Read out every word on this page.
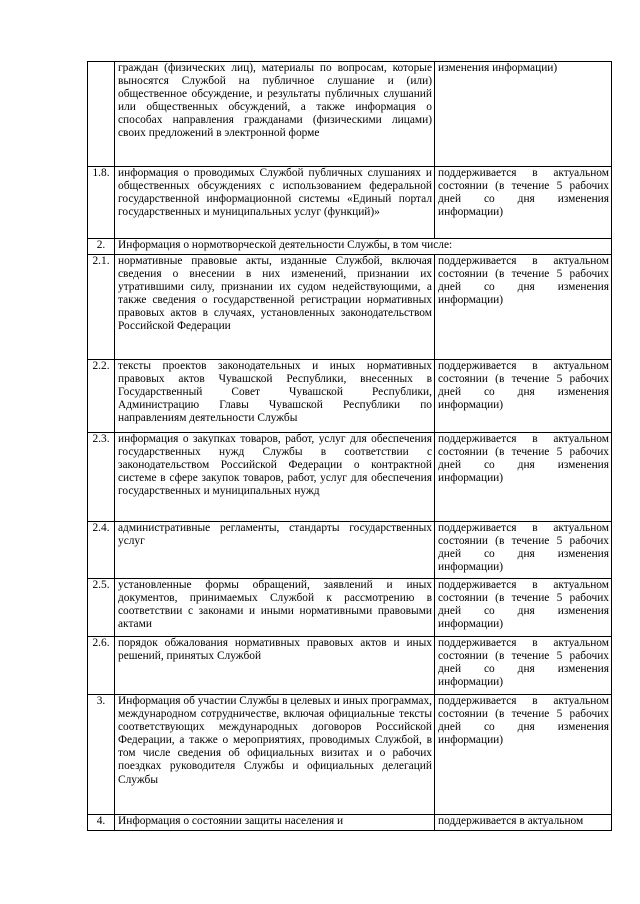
	граждан (физических лиц), материалы по вопросам, которые выносятся Службой на публичное слушание и (или) общественное обсуждение, и результаты публичных слушаний или общественных обсуждений, а также информация о способах направления гражданами (физическими лицами) своих предложений в электронной форме	изменения информации)
1.8.	информация о проводимых Службой публичных слушаниях и общественных обсуждениях с использованием федеральной государственной информационной системы «Единый портал государственных и муниципальных услуг (функций)»	поддерживается в актуальном состоянии (в течение 5 рабочих дней со дня изменения информации)
2.	Информация о нормотворческой деятельности Службы, в том числе:	
2.1.	нормативные правовые акты, изданные Службой, включая сведения о внесении в них изменений, признании их утратившими силу, признании их судом недействующими, а также сведения о государственной регистрации нормативных правовых актов в случаях, установленных законодательством Российской Федерации	поддерживается в актуальном состоянии (в течение 5 рабочих дней со дня изменения информации)
2.2.	тексты проектов законодательных и иных нормативных правовых актов Чувашской Республики, внесенных в Государственный Совет Чувашской Республики, Администрацию Главы Чувашской Республики по направлениям деятельности Службы	поддерживается в актуальном состоянии (в течение 5 рабочих дней со дня изменения информации)
2.3.	информация о закупках товаров, работ, услуг для обеспечения государственных нужд Службы в соответствии с законодательством Российской Федерации о контрактной системе в сфере закупок товаров, работ, услуг для обеспечения государственных и муниципальных нужд	поддерживается в актуальном состоянии (в течение 5 рабочих дней со дня изменения информации)
2.4.	административные регламенты, стандарты государственных услуг	поддерживается в актуальном состоянии (в течение 5 рабочих дней со дня изменения информации)
2.5.	установленные формы обращений, заявлений и иных документов, принимаемых Службой к рассмотрению в соответствии с законами и иными нормативными правовыми актами	поддерживается в актуальном состоянии (в течение 5 рабочих дней со дня изменения информации)
2.6.	порядок обжалования нормативных правовых актов и иных решений, принятых Службой	поддерживается в актуальном состоянии (в течение 5 рабочих дней со дня изменения информации)
3.	Информация об участии Службы в целевых и иных программах, международном сотрудничестве, включая официальные тексты соответствующих международных договоров Российской Федерации, а также о мероприятиях, проводимых Службой, в том числе сведения об официальных визитах и о рабочих поездках руководителя Службы и официальных делегаций Службы	поддерживается в актуальном состоянии (в течение 5 рабочих дней со дня изменения информации)
4.	Информация о состоянии защиты населения и	поддерживается в актуальном
